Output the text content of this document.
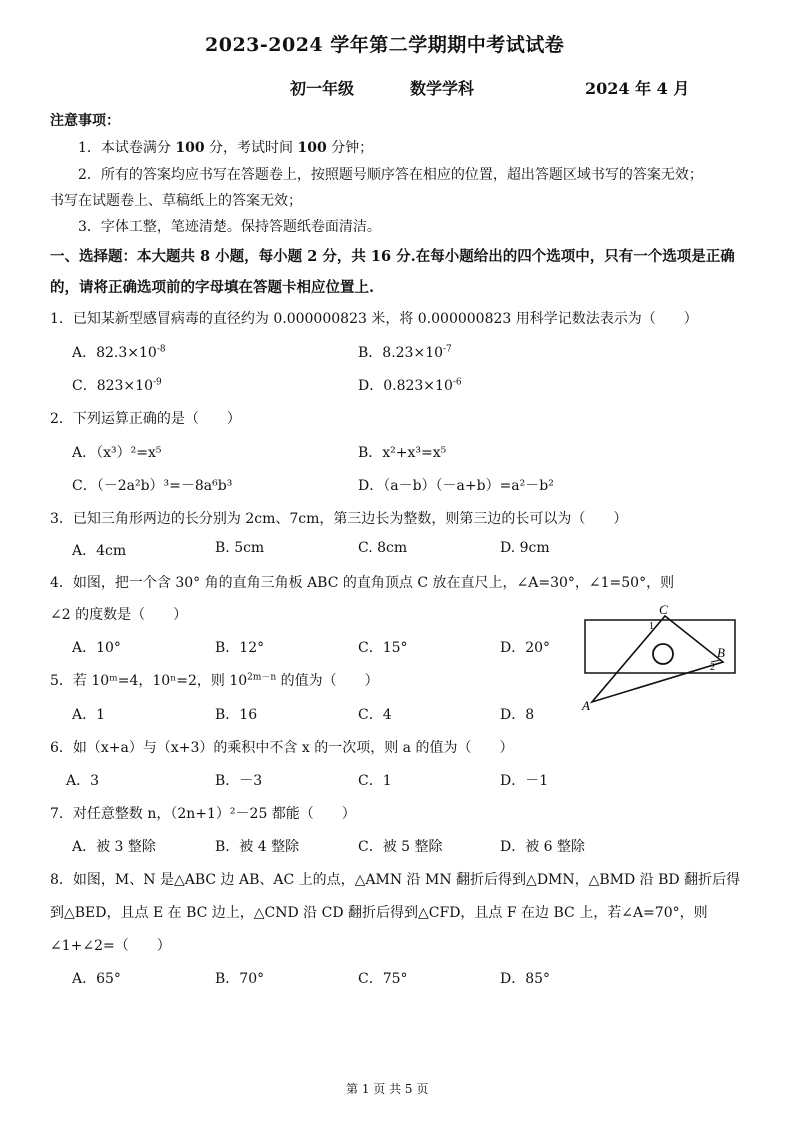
2023-2024 学年第二学期期中考试试卷
初一年级	数学学科	2024 年 4 月
注意事项：
1．本试卷满分 100 分，考试时间 100 分钟；
2．所有的答案均应书写在答题卷上，按照题号顺序答在相应的位置，超出答题区域书写的答案无效；
书写在试题卷上、草稿纸上的答案无效；
3．字体工整，笔迹清楚。保持答题纸卷面清洁。
一、选择题：本大题共 8 小题，每小题 2 分，共 16 分.在每小题给出的四个选项中，只有一个选项是正确
的，请将正确选项前的字母填在答题卡相应位置上.
1．已知某新型感冒病毒的直径约为 0.000000823 米，将 0.000000823 用科学记数法表示为（　　）
A．$82.3\times 10^{-8}$	B．$8.23\times 10^{-7}$
C．$823\times 10^{-9}$	D．$0.823\times 10^{-6}$
2．下列运算正确的是（　　）
A．（x³）²=x⁵	B．x²+x³=x⁵
C．（－2a²b）³=－8a⁶b³	D．（a－b）（－a+b）=a²－b²
3．已知三角形两边的长分别为 2cm、7cm，第三边长为整数，则第三边的长可以为（　　）
A．4cm	B. 5cm	C. 8cm	D. 9cm
4．如图，把一个含 30° 角的直角三角板 ABC 的直角顶点 C 放在直尺上，∠A=30°，∠1=50°，则
∠2 的度数是（　　）
A．10°	B．12°	C．15°	D．20°
C
B
A
1
2
5．若 10ᵐ=4，10ⁿ=2，则 $10^{2m-n}$ 的值为（　　）
A．1	B．16	C．4	D．8
6．如（x+a）与（x+3）的乘积中不含 x 的一次项，则 a 的值为（　　）
A．3	B．－3	C．1	D．－1
7．对任意整数 n，（2n+1）²－25 都能（　　）
A．被 3 整除	B．被 4 整除	C．被 5 整除	D．被 6 整除
8．如图，M、N 是△ABC 边 AB、AC 上的点，△AMN 沿 MN 翻折后得到△DMN，△BMD 沿 BD 翻折后得
到△BED，且点 E 在 BC 边上，△CND 沿 CD 翻折后得到△CFD，且点 F 在边 BC 上，若∠A=70°，则
∠1+∠2=（　　）
A．65°	B．70°	C．75°	D．85°
第 1 页 共 5 页
